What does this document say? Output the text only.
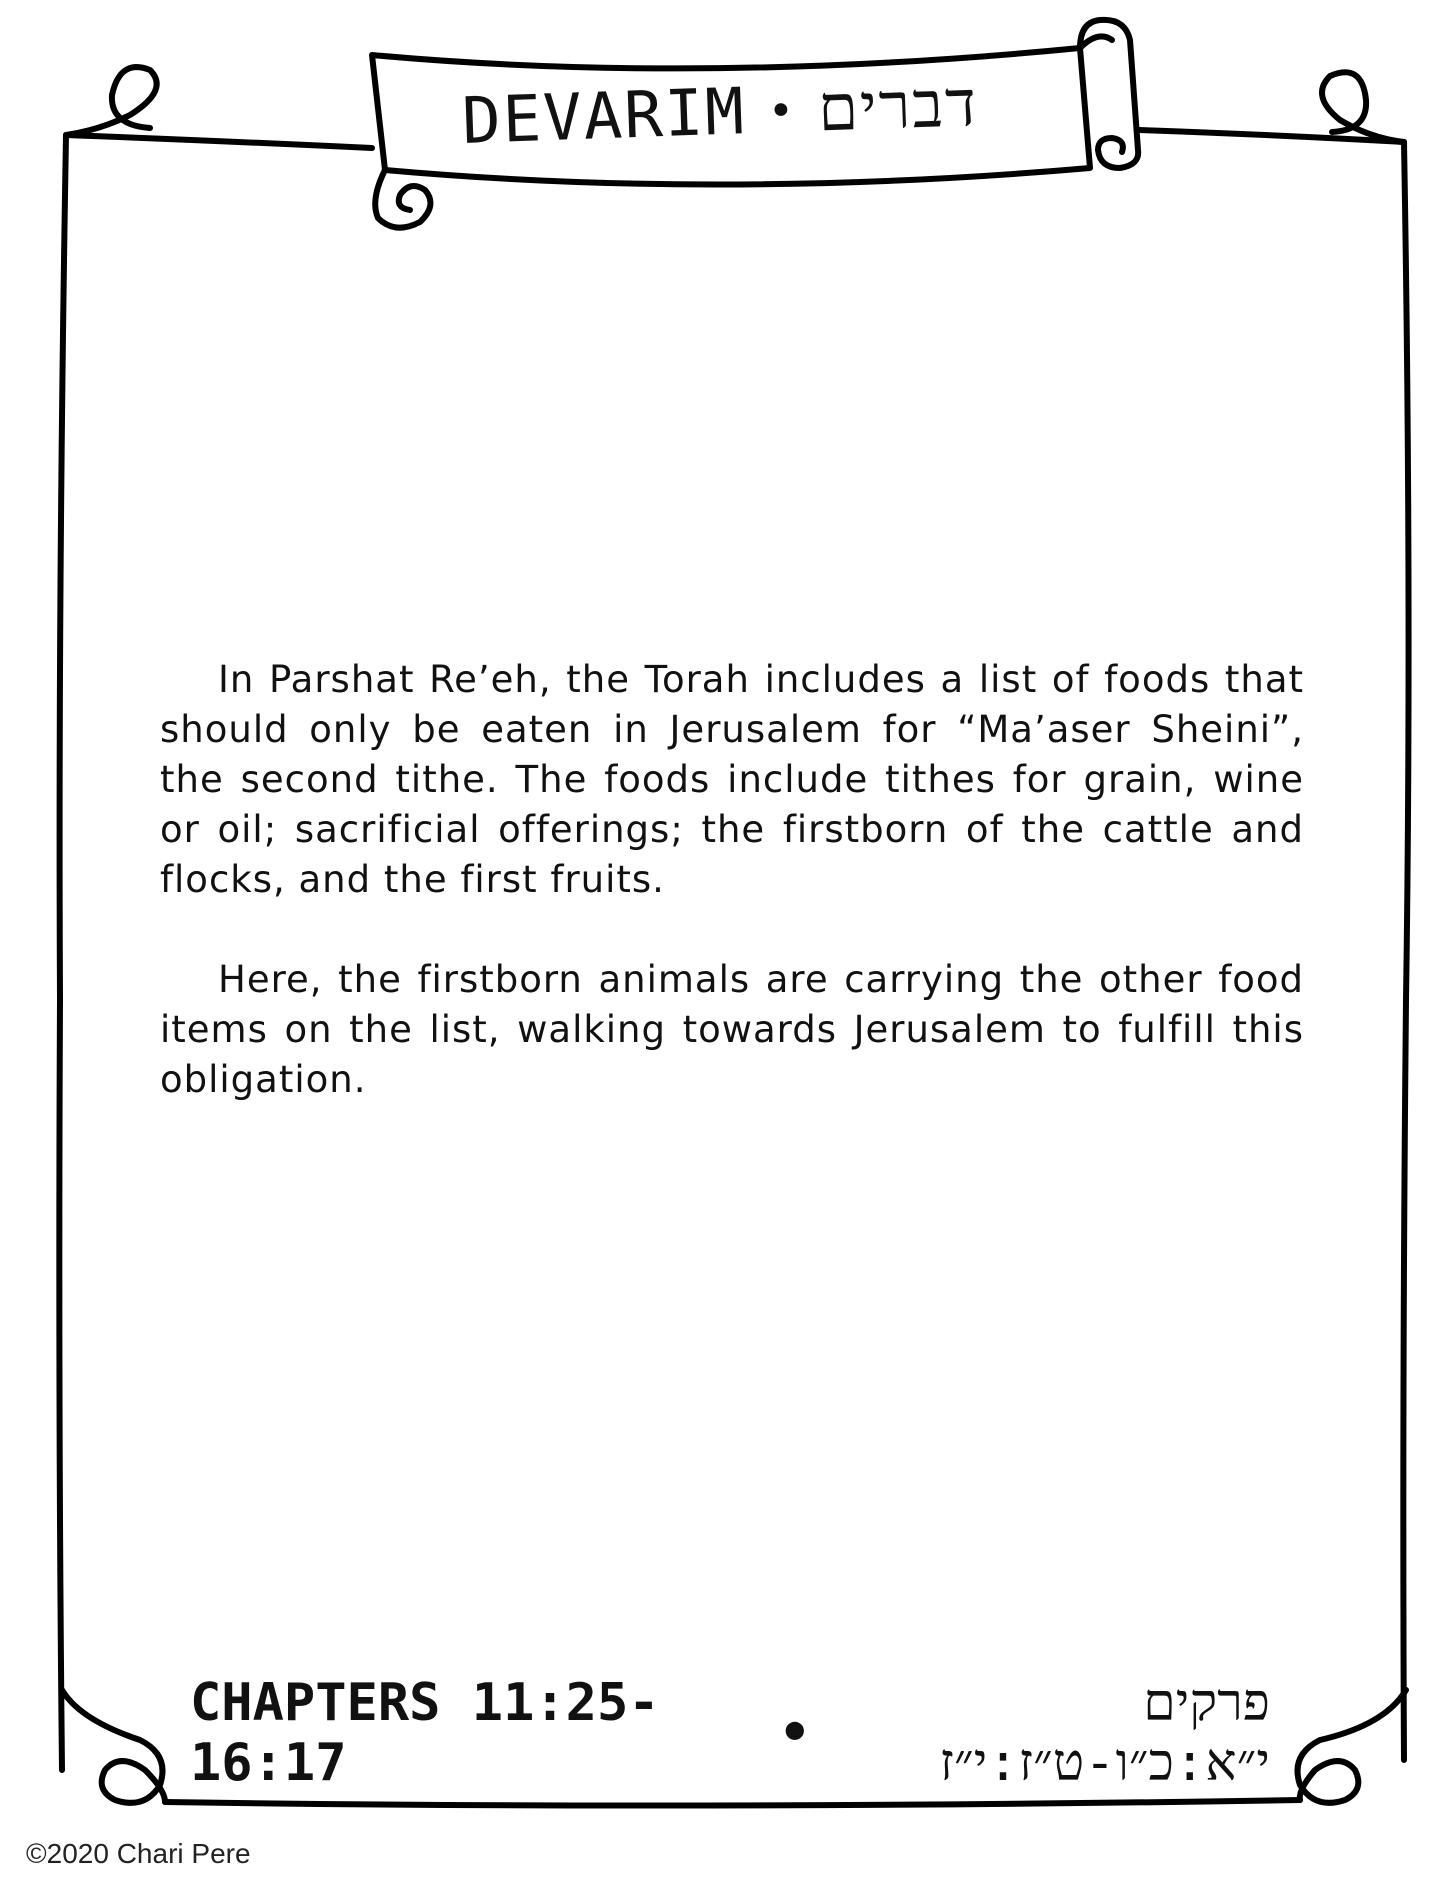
DEVARIM • דברים

In Parshat Re’eh, the Torah includes a list of foods that should only be eaten in Jerusalem for “Ma’aser Sheini”, the second tithe. The foods include tithes for grain, wine or oil; sacrificial offerings; the firstborn of the cattle and flocks, and the first fruits.

Here, the firstborn animals are carrying the other food items on the list, walking towards Jerusalem to fulfill this obligation.

CHAPTERS 11:25-16:17	•	פרקים י״א:כ״ו-ט״ז:י״ז
©2020 Chari Pere
